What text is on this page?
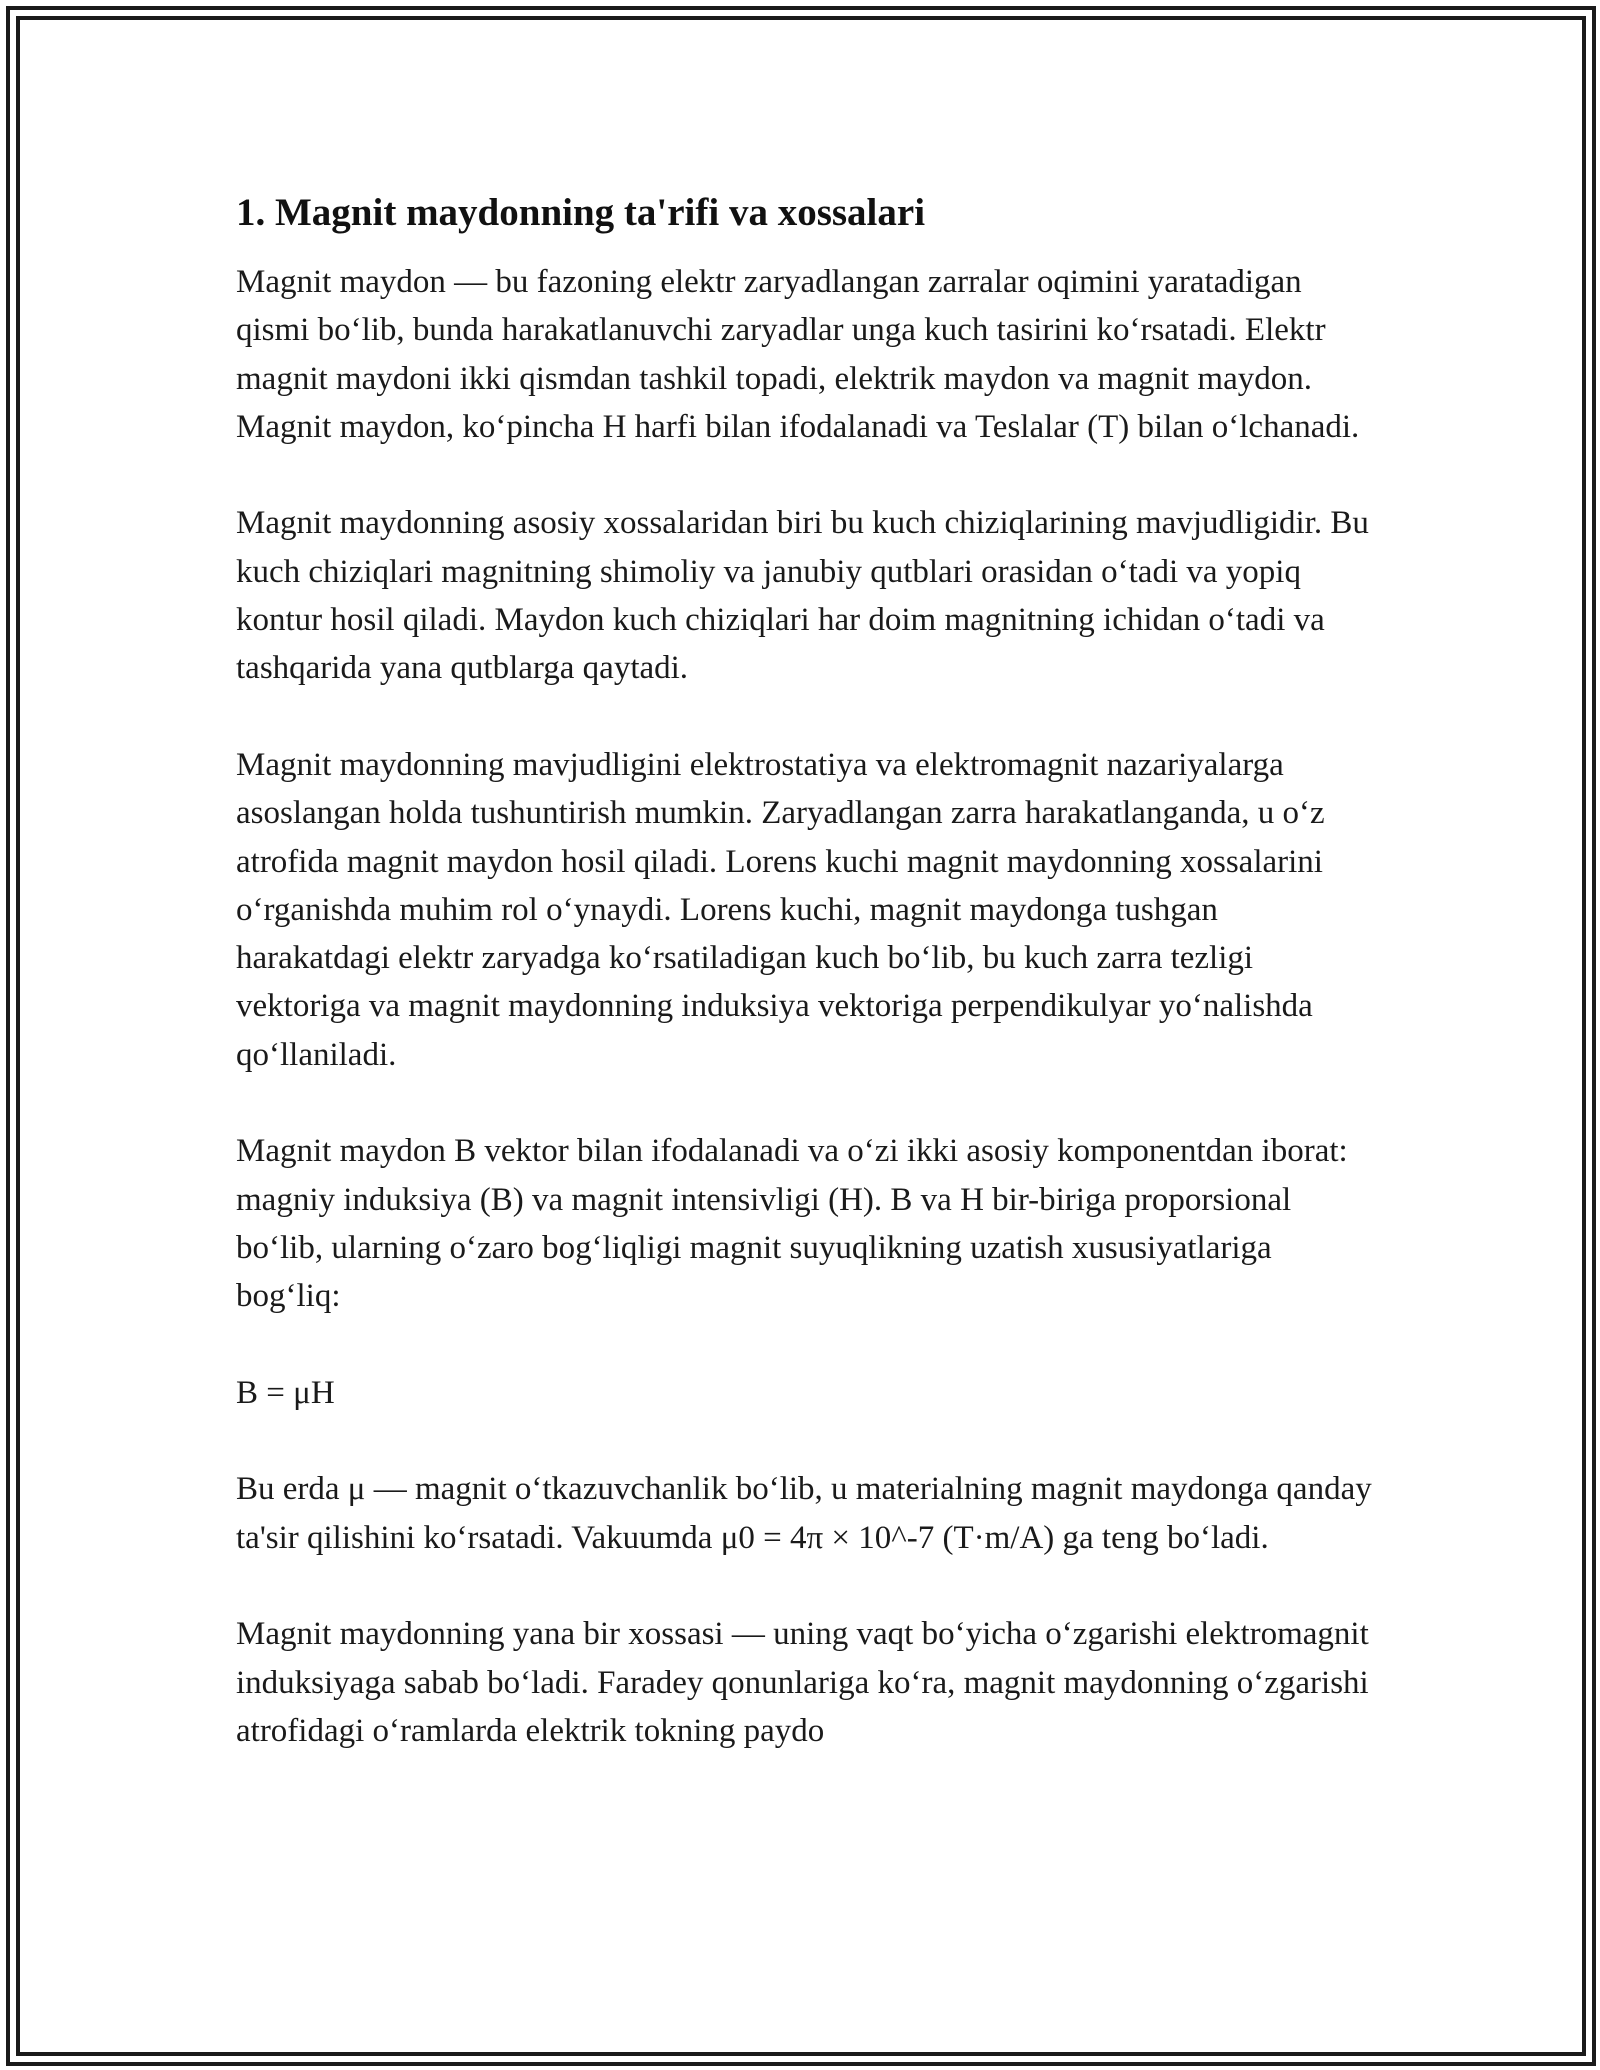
1. Magnit maydonning ta'rifi va xossalari

Magnit maydon — bu fazoning elektr zaryadlangan zarralar oqimini yaratadigan qismi bo‘lib, bunda harakatlanuvchi zaryadlar unga kuch tasirini ko‘rsatadi. Elektr magnit maydoni ikki qismdan tashkil topadi, elektrik maydon va magnit maydon. Magnit maydon, ko‘pincha H harfi bilan ifodalanadi va Teslalar (T) bilan o‘lchanadi.

Magnit maydonning asosiy xossalaridan biri bu kuch chiziqlarining mavjudligidir. Bu kuch chiziqlari magnitning shimoliy va janubiy qutblari orasidan o‘tadi va yopiq kontur hosil qiladi. Maydon kuch chiziqlari har doim magnitning ichidan o‘tadi va tashqarida yana qutblarga qaytadi.

Magnit maydonning mavjudligini elektrostatiya va elektromagnit nazariyalarga asoslangan holda tushuntirish mumkin. Zaryadlangan zarra harakatlanganda, u o‘z atrofida magnit maydon hosil qiladi. Lorens kuchi magnit maydonning xossalarini o‘rganishda muhim rol o‘ynaydi. Lorens kuchi, magnit maydonga tushgan harakatdagi elektr zaryadga ko‘rsatiladigan kuch bo‘lib, bu kuch zarra tezligi vektoriga va magnit maydonning induksiya vektoriga perpendikulyar yo‘nalishda qo‘llaniladi.

Magnit maydon B vektor bilan ifodalanadi va o‘zi ikki asosiy komponentdan iborat: magniy induksiya (B) va magnit intensivligi (H). B va H bir-biriga proporsional bo‘lib, ularning o‘zaro bog‘liqligi magnit suyuqlikning uzatish xususiyatlariga bog‘liq:

B = μH

Bu erda μ — magnit o‘tkazuvchanlik bo‘lib, u materialning magnit maydonga qanday ta'sir qilishini ko‘rsatadi. Vakuumda μ0 = 4π × 10^-7 (T·m/A) ga teng bo‘ladi.

Magnit maydonning yana bir xossasi — uning vaqt bo‘yicha o‘zgarishi elektromagnit induksiyaga sabab bo‘ladi. Faradey qonunlariga ko‘ra, magnit maydonning o‘zgarishi atrofidagi o‘ramlarda elektrik tokning paydo
